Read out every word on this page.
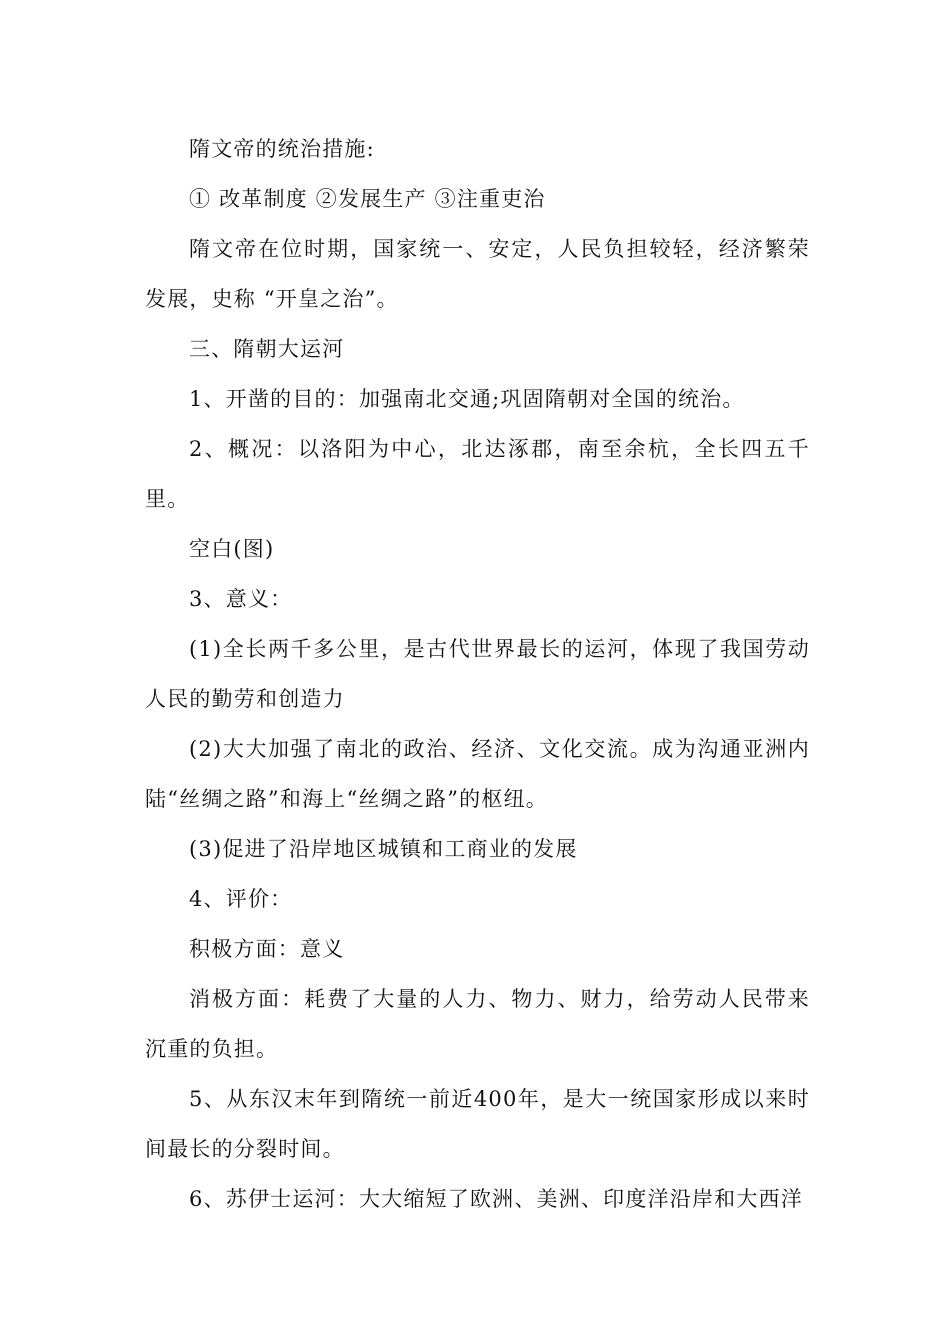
隋文帝的统治措施:

① 改革制度 ②发展生产 ③注重吏治

隋文帝在位时期，国家统一、安定，人民负担较轻，经济繁荣发展，史称 “开皇之治”。

三、隋朝大运河

1、开凿的目的：加强南北交通;巩固隋朝对全国的统治。

2、概况：以洛阳为中心，北达涿郡，南至余杭，全长四五千里。

空白(图)

3、意义：

(1)全长两千多公里，是古代世界最长的运河，体现了我国劳动人民的勤劳和创造力

(2)大大加强了南北的政治、经济、文化交流。成为沟通亚洲内陆“丝绸之路”和海上“丝绸之路”的枢纽。

(3)促进了沿岸地区城镇和工商业的发展

4、评价：

积极方面：意义

消极方面：耗费了大量的人力、物力、财力，给劳动人民带来沉重的负担。

5、从东汉末年到隋统一前近400年，是大一统国家形成以来时间最长的分裂时间。

6、苏伊士运河：大大缩短了欧洲、美洲、印度洋沿岸和大西洋
